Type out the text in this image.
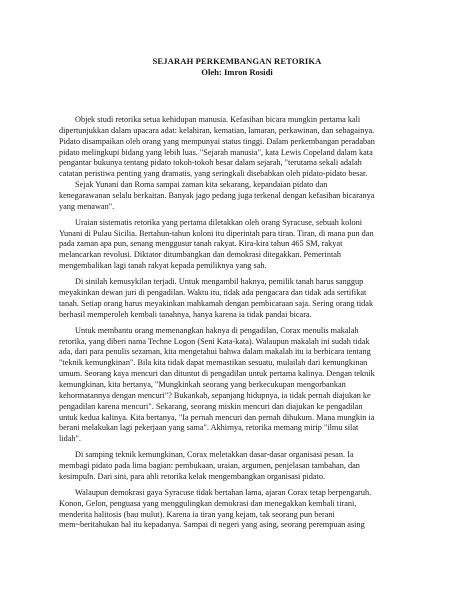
SEJARAH PERKEMBANGAN RETORIKA
Oleh: Imron Rosidi
Objek studi retorika setua kehidupan manusia. Kefasihan bicara mungkin pertama kali
dipertunjukkan dalam upacara adat: kelahiran, kematian, lamaran, perkawinan, dan sebagainya.
Pidato disampaikan oleh orang yang mempunyai status tinggi. Dalam perkembangan peradaban
pidato melingkupi bidang yang lebih luas. "Sejarah manusia", kata Lewis Copeland dalam kata
pengantar bukunya tentang pidato tokoh-tokoh besar dalam sejarah, "terutama sekali adalah
catatan peristiwa penting yang dramatis, yang seringkali disebabkan oleh pidato-pidato besar.
Sejak Yunani dan Roma sampai zaman kita sekarang, kepandaian pidato dan
kenegarawanan selalu berkaitan. Banyak jago pedang juga terkenal dengan kefasihan bicaranya
yang menawan".
Uraian sistematis retorika yang pertama diletakkan oleh orang Syracuse, sebuah koloni
Yunani di Pulau Sicilia. Bertahun-tahun koloni itu diperintah para tiran. Tiran, di mana pun dan
pada zaman apa pun, senang menggusur tanah rakyat. Kira-kira tahun 465 SM, rakyat
melancarkan revolusi. Diktator ditumbangkan dan demokrasi ditegakkan. Pemerintah
mengembalikan lagi tanah rakyat kepada pemiliknya yang sah.
Di sinilah kemusykilan terjadi. Untuk mengambil haknya, pemilik tanah harus sanggup
meyakinkan dewan juri di pengadilan. Waktu itu, tidak ada pengacara dan tidak ada sertifikat
tanah. Setiap orang harus meyakinkan mahkamah dengan pembicaraan saja. Sering orang tidak
berhasil memperoleh kembali tanahnya, hanya karena ia tidak pandai bicara.
Untuk membantu orang memenangkan haknya di pengadilan, Corax menulis makalah
retorika, yang diberi nama Techne Logon (Seni Kata-kata). Walaupun makalah ini sudah tidak
ada, dari para penulis sezaman, kita mengetahui bahwa dalam makalah itu ia berbicara tentang
"teknik kemungkinan". Bila kita tidak dapat memastikan sesuatu, mulailah dari kemungkinan
umum. Seorang kaya mencuri dan dituntut di pengadilan untuk pertama kalinya. Dengan teknik
kemungkinan, kita bertanya, "Mungkinkah seorang yang berkecukupan mengorbankan
kehormatannya dengan mencuri"? Bukankah, sepanjang hidupnya, ia tidak pernah diajukan ke
pengadilan karena mencuri". Sekarang, seorang miskin mencuri dan diajukan ke pengadilan
untuk kedua kalinya. Kita bertanya, "Ia pernah mencuri dan pernah dihukum. Mana mungkin ia
berani melakukan lagi pekerjaan yang sama". Akhirnya, retorika memang mirip "ilmu silat
lidah".
Di samping teknik kemungkinan, Corax meletakkan dasar-dasar organisasi pesan. Ia
membagi pidato pada lima bagian: pembukaan, uraian, argumen, penjelasan tambahan, dan
kesimpuln. Dari sini, para ahli retorika kelak mengembangkan organisasi pidato.
Walaupun demokrasi gaya Syracuse tidak bertahan lama, ajaran Corax tetap berpengaruh.
Konon, Gelon, penguasa yang menggulingkan demokrasi dan menegakkan kembali tirani,
menderita halitosis (bau mulut). Karena ia tiran yang kejam, tak seorang pun berani
mem~beritahukan hal itu kepadanya. Sampai di negeri yang asing, seorang perempuan asing
